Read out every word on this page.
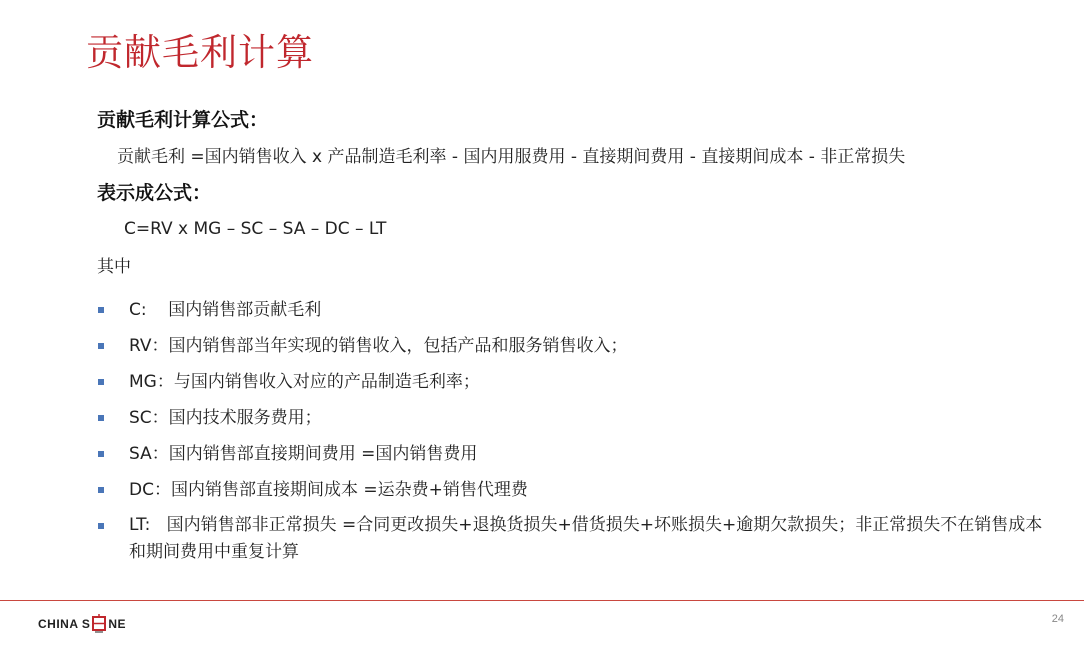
贡献毛利计算
贡献毛利计算公式：
贡献毛利 =国内销售收入 x 产品制造毛利率 - 国内用服费用 - 直接期间费用 - 直接期间成本 - 非正常损失
表示成公式：
C=RV x MG – SC – SA – DC – LT
其中
C:    国内销售部贡献毛利
RV：国内销售部当年实现的销售收入，包括产品和服务销售收入；
MG：与国内销售收入对应的产品制造毛利率；
SC：国内技术服务费用；
SA：国内销售部直接期间费用 =国内销售费用
DC：国内销售部直接期间成本 =运杂费+销售代理费
LT:   国内销售部非正常损失 =合同更改损失+退换货损失+借货损失+坏账损失+逾期欠款损失；非正常损失不在销售成本和期间费用中重复计算
CHINA S NE	24
